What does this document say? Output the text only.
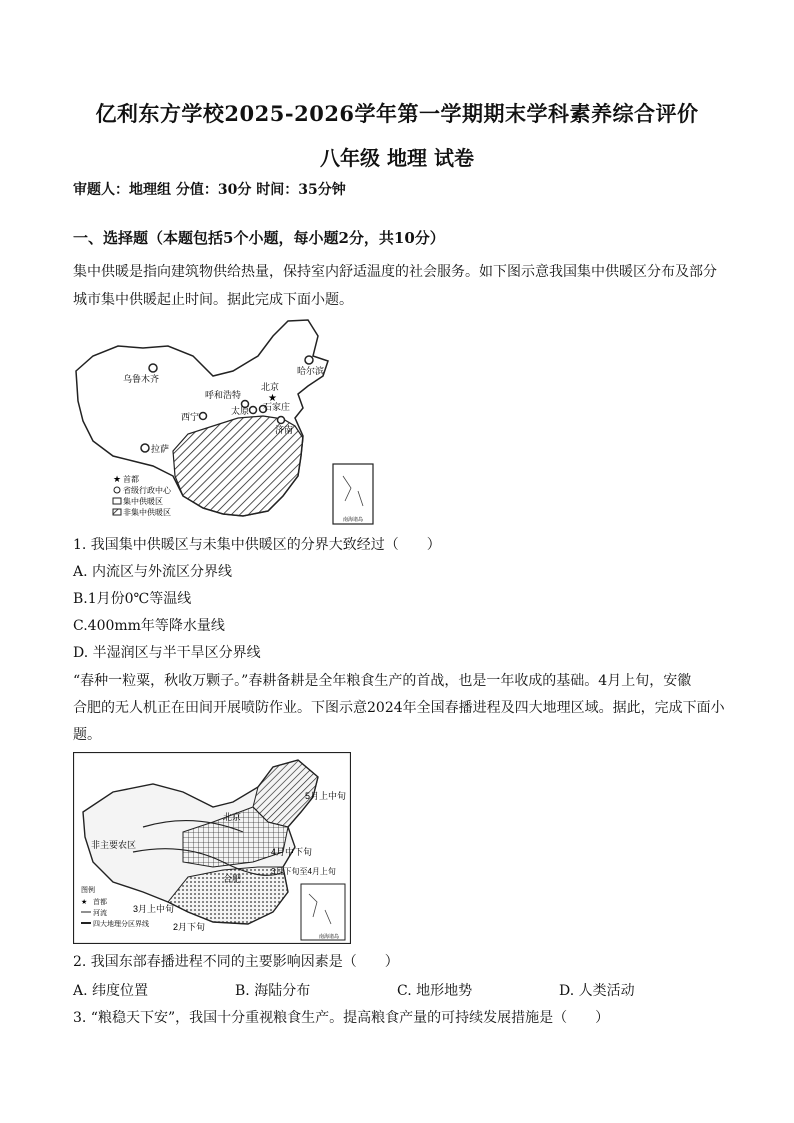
亿利东方学校2025-2026学年第一学期期末学科素养综合评价
八年级 地理 试卷
审题人：地理组 分值：30分 时间：35分钟
一、选择题（本题包括5个小题，每小题2分，共10分）
集中供暖是指向建筑物供给热量，保持室内舒适温度的社会服务。如下图示意我国集中供暖区分布及部分
城市集中供暖起止时间。据此完成下面小题。
乌鲁木齐
哈尔滨
呼和浩特
北京
★
石家庄
太原
西宁
济南
拉萨
★ 首都
省级行政中心
集中供暖区
非集中供暖区
南海诸岛
1. 我国集中供暖区与未集中供暖区的分界大致经过（　　）
A. 内流区与外流区分界线
B.1月份0℃等温线
C.400mm年等降水量线
D. 半湿润区与半干旱区分界线
“春种一粒粟，秋收万颗子。”春耕备耕是全年粮食生产的首战，也是一年收成的基础。4月上旬，安徽
合肥的无人机正在田间开展喷防作业。下图示意2024年全国春播进程及四大地理区域。据此，完成下面小
题。
5月上中旬
北京
非主要农区
4月中下旬
3月下旬至4月上旬
合肥
3月上中旬
2月下旬
图例
★ 首都
河流
四大地理分区界线
南海诸岛
2. 我国东部春播进程不同的主要影响因素是（　　）
A. 纬度位置	B. 海陆分布	C. 地形地势	D. 人类活动
3. “粮稳天下安”，我国十分重视粮食生产。提高粮食产量的可持续发展措施是（　　）
